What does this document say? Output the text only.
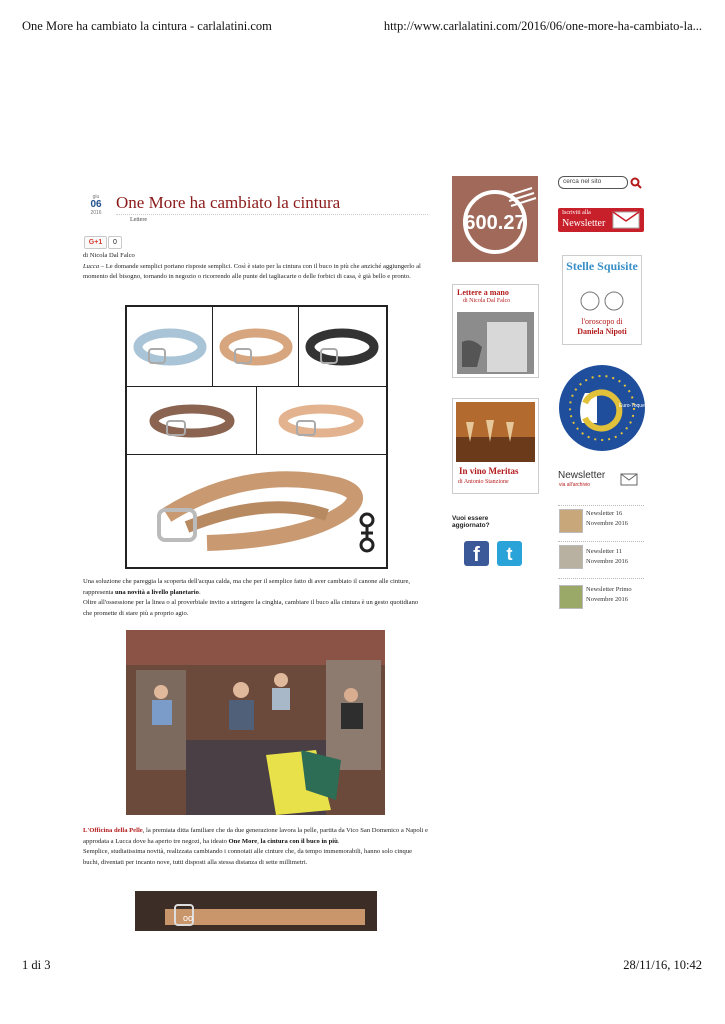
One More ha cambiato la cintura - carlalatini.com	http://www.carlalatini.com/2016/06/one-more-ha-cambiato-la...
giu
06
2016
One More ha cambiato la cintura
Lettere
G+1	0
di Nicola Dal Falco
Lucca – Le domande semplici portano risposte semplici. Così è stato per la cintura con il buco in più che anziché aggiungerlo al momento del bisogno, tornando in negozio o ricorrendo alle punte del tagliacarte o delle forbici di casa, è già bello e pronto.
Una soluzione che pareggia la scoperta dell'acqua calda, ma che per il semplice fatto di aver cambiato il canone alle cinture, rappresenta una novità a livello planetario.
Oltre all'ossessione per la linea o al proverbiale invito a stringere la cinghia, cambiare il buco alla cintura è un gesto quotidiano che promette di stare più a proprio agio.
L'Officina della Pelle, la premiata ditta familiare che da due generazione lavora la pelle, partita da Vico San Domenico a Napoli e approdata a Lucca dove ha aperto tre negozi, ha ideato One More, la cintura con il buco in più.
Semplice, studiatissima novità, realizzata cambiando i connotati alle cinture che, da tempo immemorabili, hanno solo cinque buchi, diventati per incanto nove, tutti disposti alla stessa distanza di sette millimetri.
oo
600.27
Lettere a mano
di Nicola Dal Falco
In vino Meritas
di Antonio Stanzione
Vuoi essere aggiornato?
f	t
cerca nel sito
Iscriviti alla
Newsletter
Stelle Squisite
l'oroscopo di
Daniela Nipoti
Euro-Toques
Newsletter
via all'archivio
Newsletter 16
Novembre 2016
Newsletter 11
Novembre 2016
Newsletter Primo
Novembre 2016
1 di 3	28/11/16, 10:42
